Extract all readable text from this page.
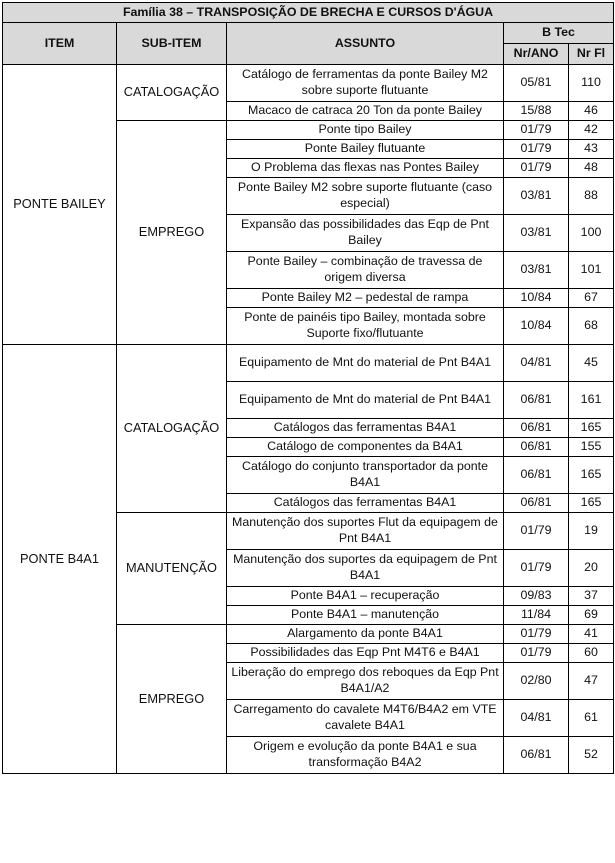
Família 38 – TRANSPOSIÇÃO DE BRECHA E CURSOS D'ÁGUA				
ITEM	SUB-ITEM	ASSUNTO	B Tec	
			Nr/ANO	Nr Fl
PONTE BAILEY	CATALOGAÇÃO	Catálogo de ferramentas da ponte Bailey M2 sobre suporte flutuante	05/81	110
		Macaco de catraca 20 Ton da ponte Bailey	15/88	46
	EMPREGO	Ponte tipo Bailey	01/79	42
		Ponte Bailey flutuante	01/79	43
		O Problema das flexas nas Pontes Bailey	01/79	48
		Ponte Bailey M2 sobre suporte flutuante (caso especial)	03/81	88
		Expansão das possibilidades das Eqp de Pnt Bailey	03/81	100
		Ponte Bailey – combinação de travessa de origem diversa	03/81	101
		Ponte Bailey M2 – pedestal de rampa	10/84	67
		Ponte de painéis tipo Bailey, montada sobre Suporte fixo/flutuante	10/84	68
PONTE B4A1	CATALOGAÇÃO	Equipamento de Mnt do material de Pnt B4A1	04/81	45
		Equipamento de Mnt do material de Pnt B4A1	06/81	161
		Catálogos das ferramentas B4A1	06/81	165
		Catálogo de componentes da B4A1	06/81	155
		Catálogo do conjunto transportador da ponte B4A1	06/81	165
		Catálogos das ferramentas B4A1	06/81	165
	MANUTENÇÃO	Manutenção dos suportes Flut da equipagem de Pnt B4A1	01/79	19
		Manutenção dos suportes da equipagem de Pnt B4A1	01/79	20
		Ponte B4A1 – recuperação	09/83	37
		Ponte B4A1 – manutenção	11/84	69
	EMPREGO	Alargamento da ponte B4A1	01/79	41
		Possibilidades das Eqp Pnt M4T6 e B4A1	01/79	60
		Liberação do emprego dos reboques da Eqp Pnt B4A1/A2	02/80	47
		Carregamento do cavalete M4T6/B4A2 em VTE cavalete B4A1	04/81	61
		Origem e evolução da ponte B4A1 e sua transformação B4A2	06/81	52
